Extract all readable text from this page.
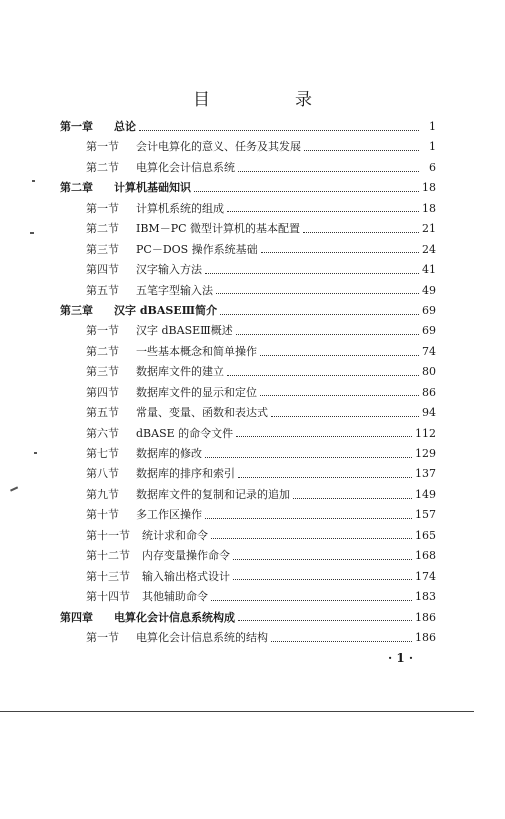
目　录
第一章	总论	1
第一节	会计电算化的意义、任务及其发展	1
第二节	电算化会计信息系统	6
第二章	计算机基础知识	18
第一节	计算机系统的组成	18
第二节	IBM－PC 微型计算机的基本配置	21
第三节	PC－DOS 操作系统基础	24
第四节	汉字输入方法	41
第五节	五笔字型输入法	49
第三章	汉字 dBASEⅢ简介	69
第一节	汉字 dBASEⅢ概述	69
第二节	一些基本概念和简单操作	74
第三节	数据库文件的建立	80
第四节	数据库文件的显示和定位	86
第五节	常量、变量、函数和表达式	94
第六节	dBASE 的命令文件	112
第七节	数据库的修改	129
第八节	数据库的排序和索引	137
第九节	数据库文件的复制和记录的追加	149
第十节	多工作区操作	157
第十一节	统计求和命令	165
第十二节	内存变量操作命令	168
第十三节	输入输出格式设计	174
第十四节	其他辅助命令	183
第四章	电算化会计信息系统构成	186
第一节	电算化会计信息系统的结构	186
· 1 ·
